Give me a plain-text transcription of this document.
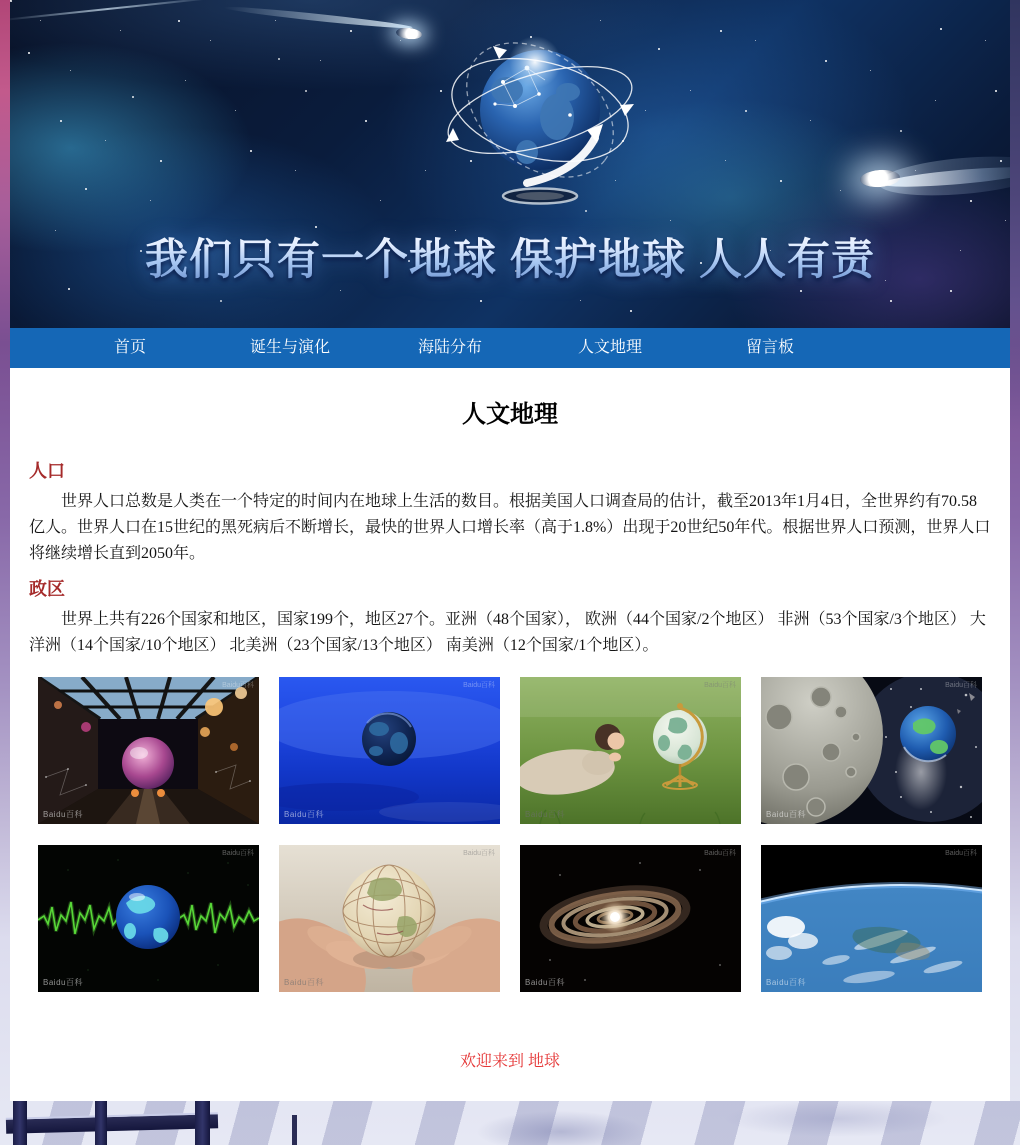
我们只有一个地球 保护地球 人人有责
首页	诞生与演化	海陆分布	人文地理	留言板
人文地理
人口

世界人口总数是人类在一个特定的时间内在地球上生活的数目。根据美国人口调查局的估计，截至2013年1月4日，全世界约有70.58亿人。世界人口在15世纪的黑死病后不断增长，最快的世界人口增长率（高于1.8%）出现于20世纪50年代。根据世界人口预测，世界人口将继续增长直到2050年。

政区

世界上共有226个国家和地区，国家199个，地区27个。亚洲（48个国家）， 欧洲（44个国家/2个地区） 非洲（53个国家/3个地区） 大洋洲（14个国家/10个地区） 北美洲（23个国家/13个地区） 南美洲（12个国家/1个地区）。

Baidu百科
Baidu百科
Baidu百科
Baidu百科
Baidu百科
Baidu百科
Baidu百科
Baidu百科
Baidu百科
Baidu百科
Baidu百科
Baidu百科
Baidu百科
Baidu百科
Baidu百科
Baidu百科

欢迎来到 地球
